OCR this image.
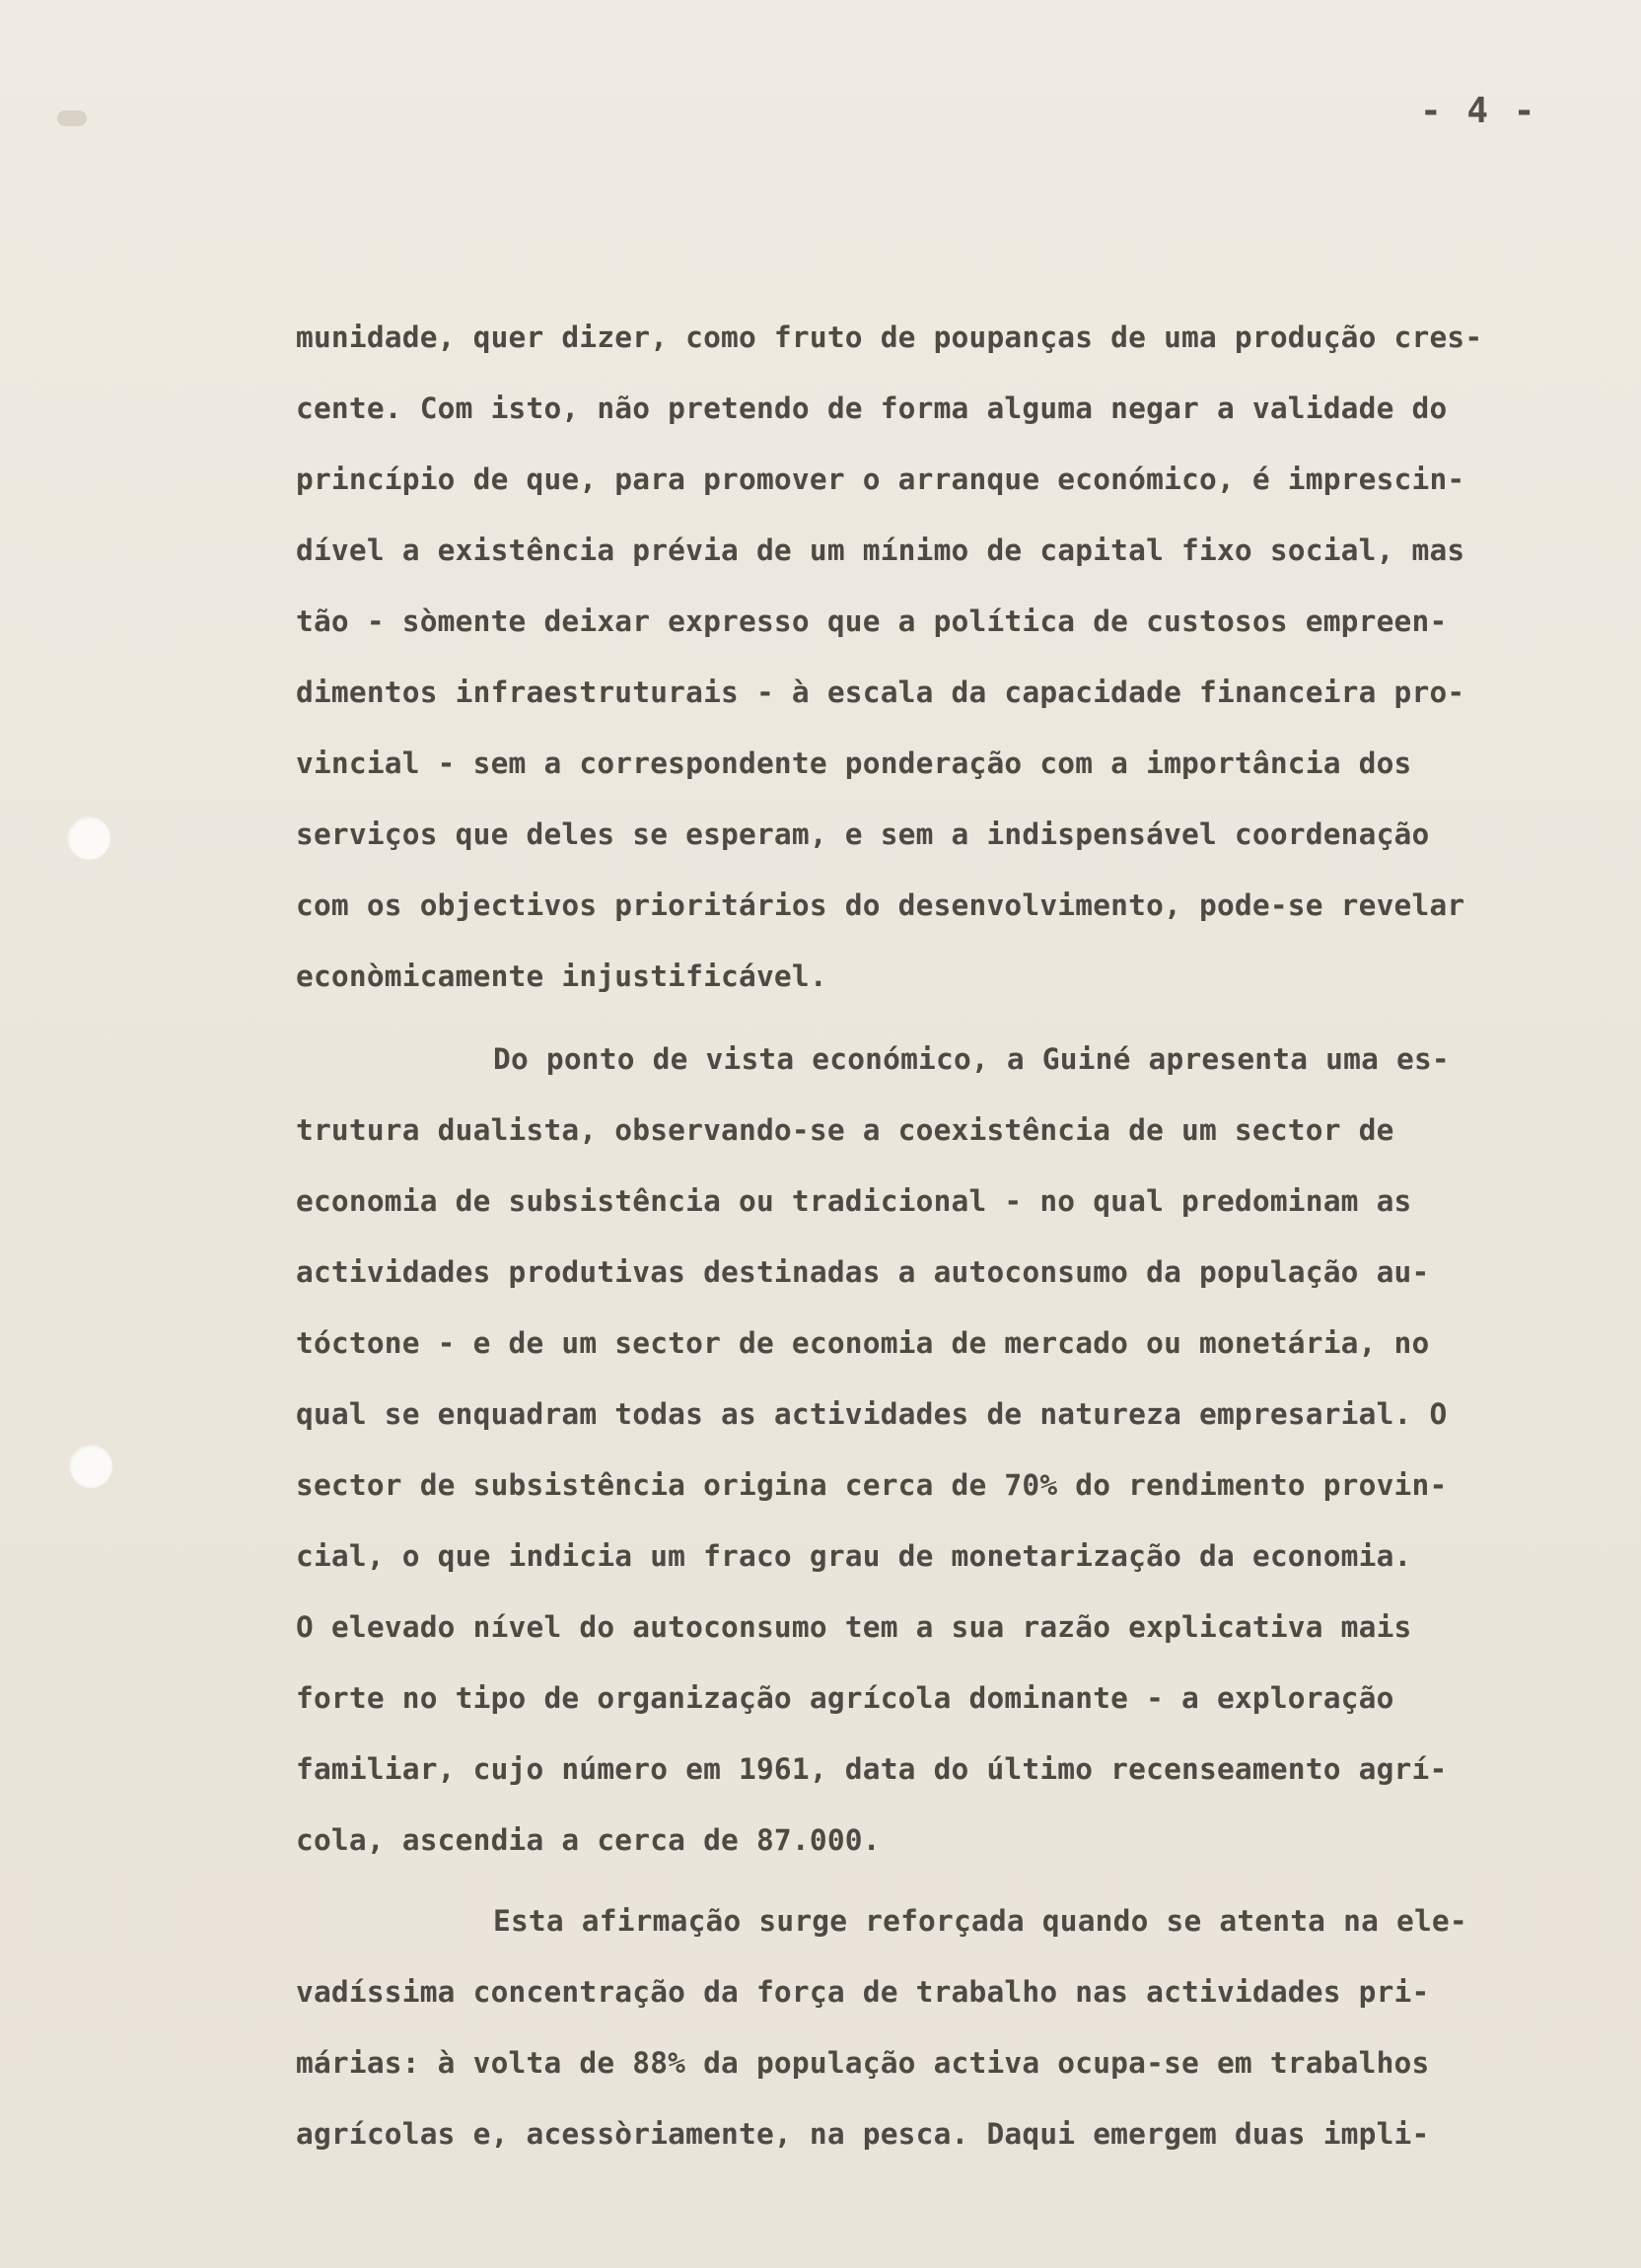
- 4 -
munidade, quer dizer, como fruto de poupanças de uma produção cres-
cente. Com isto, não pretendo de forma alguma negar a validade do
princípio de que, para promover o arranque económico, é imprescin-
dível a existência prévia de um mínimo de capital fixo social, mas
tão - sòmente deixar expresso que a política de custosos empreen-
dimentos infraestruturais - à escala da capacidade financeira pro-
vincial - sem a correspondente ponderação com a importância dos
serviços que deles se esperam, e sem a indispensável coordenação
com os objectivos prioritários do desenvolvimento, pode-se revelar
econòmicamente injustificável.
Do ponto de vista económico, a Guiné apresenta uma es-
trutura dualista, observando-se a coexistência de um sector de
economia de subsistência ou tradicional - no qual predominam as
actividades produtivas destinadas a autoconsumo da população au-
tóctone - e de um sector de economia de mercado ou monetária, no
qual se enquadram todas as actividades de natureza empresarial. O
sector de subsistência origina cerca de 70% do rendimento provin-
cial, o que indicia um fraco grau de monetarização da economia.
O elevado nível do autoconsumo tem a sua razão explicativa mais
forte no tipo de organização agrícola dominante - a exploração
familiar, cujo número em 1961, data do último recenseamento agrí-
cola, ascendia a cerca de 87.000.
Esta afirmação surge reforçada quando se atenta na ele-
vadíssima concentração da força de trabalho nas actividades pri-
márias: à volta de 88% da população activa ocupa-se em trabalhos
agrícolas e, acessòriamente, na pesca. Daqui emergem duas impli-
